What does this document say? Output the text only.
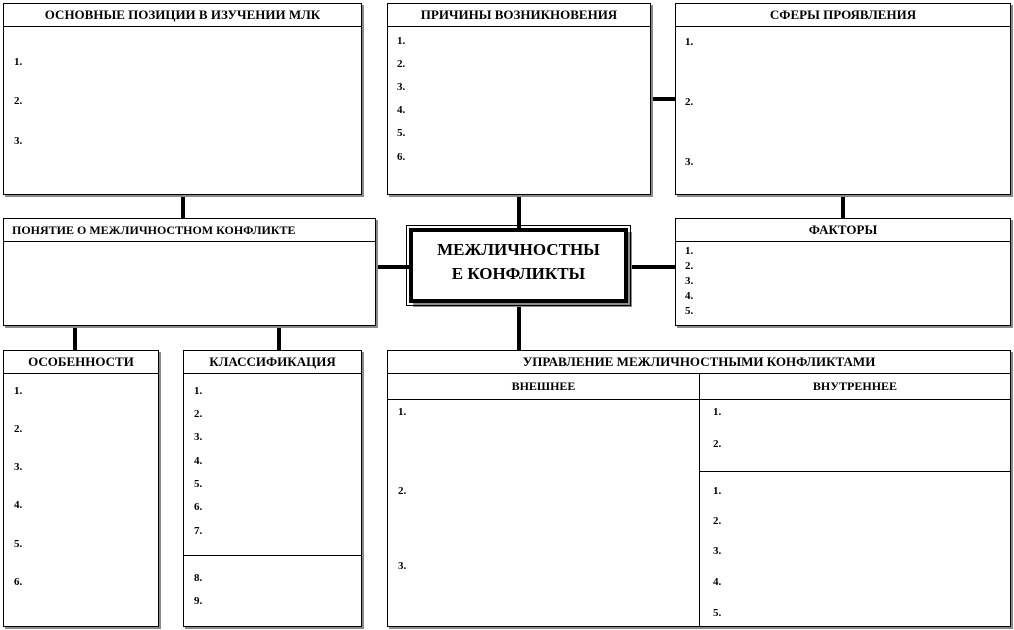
ОСНОВНЫЕ ПОЗИЦИИ В ИЗУЧЕНИИ МЛК
1.
2.
3.
ПРИЧИНЫ ВОЗНИКНОВЕНИЯ
1.
2.
3.
4.
5.
6.
СФЕРЫ ПРОЯВЛЕНИЯ
1.
2.
3.
ПОНЯТИЕ О МЕЖЛИЧНОСТНОМ КОНФЛИКТЕ
МЕЖЛИЧНОСТНЫ
Е КОНФЛИКТЫ
ФАКТОРЫ
1.
2.
3.
4.
5.
ОСОБЕННОСТИ
1.
2.
3.
4.
5.
6.
КЛАССИФИКАЦИЯ
1.
2.
3.
4.
5.
6.
7.
8.
9.
УПРАВЛЕНИЕ МЕЖЛИЧНОСТНЫМИ КОНФЛИКТАМИ
ВНЕШНЕЕ	ВНУТРЕННЕЕ
1.
2.
3.
1.
2.
1.
2.
3.
4.
5.
